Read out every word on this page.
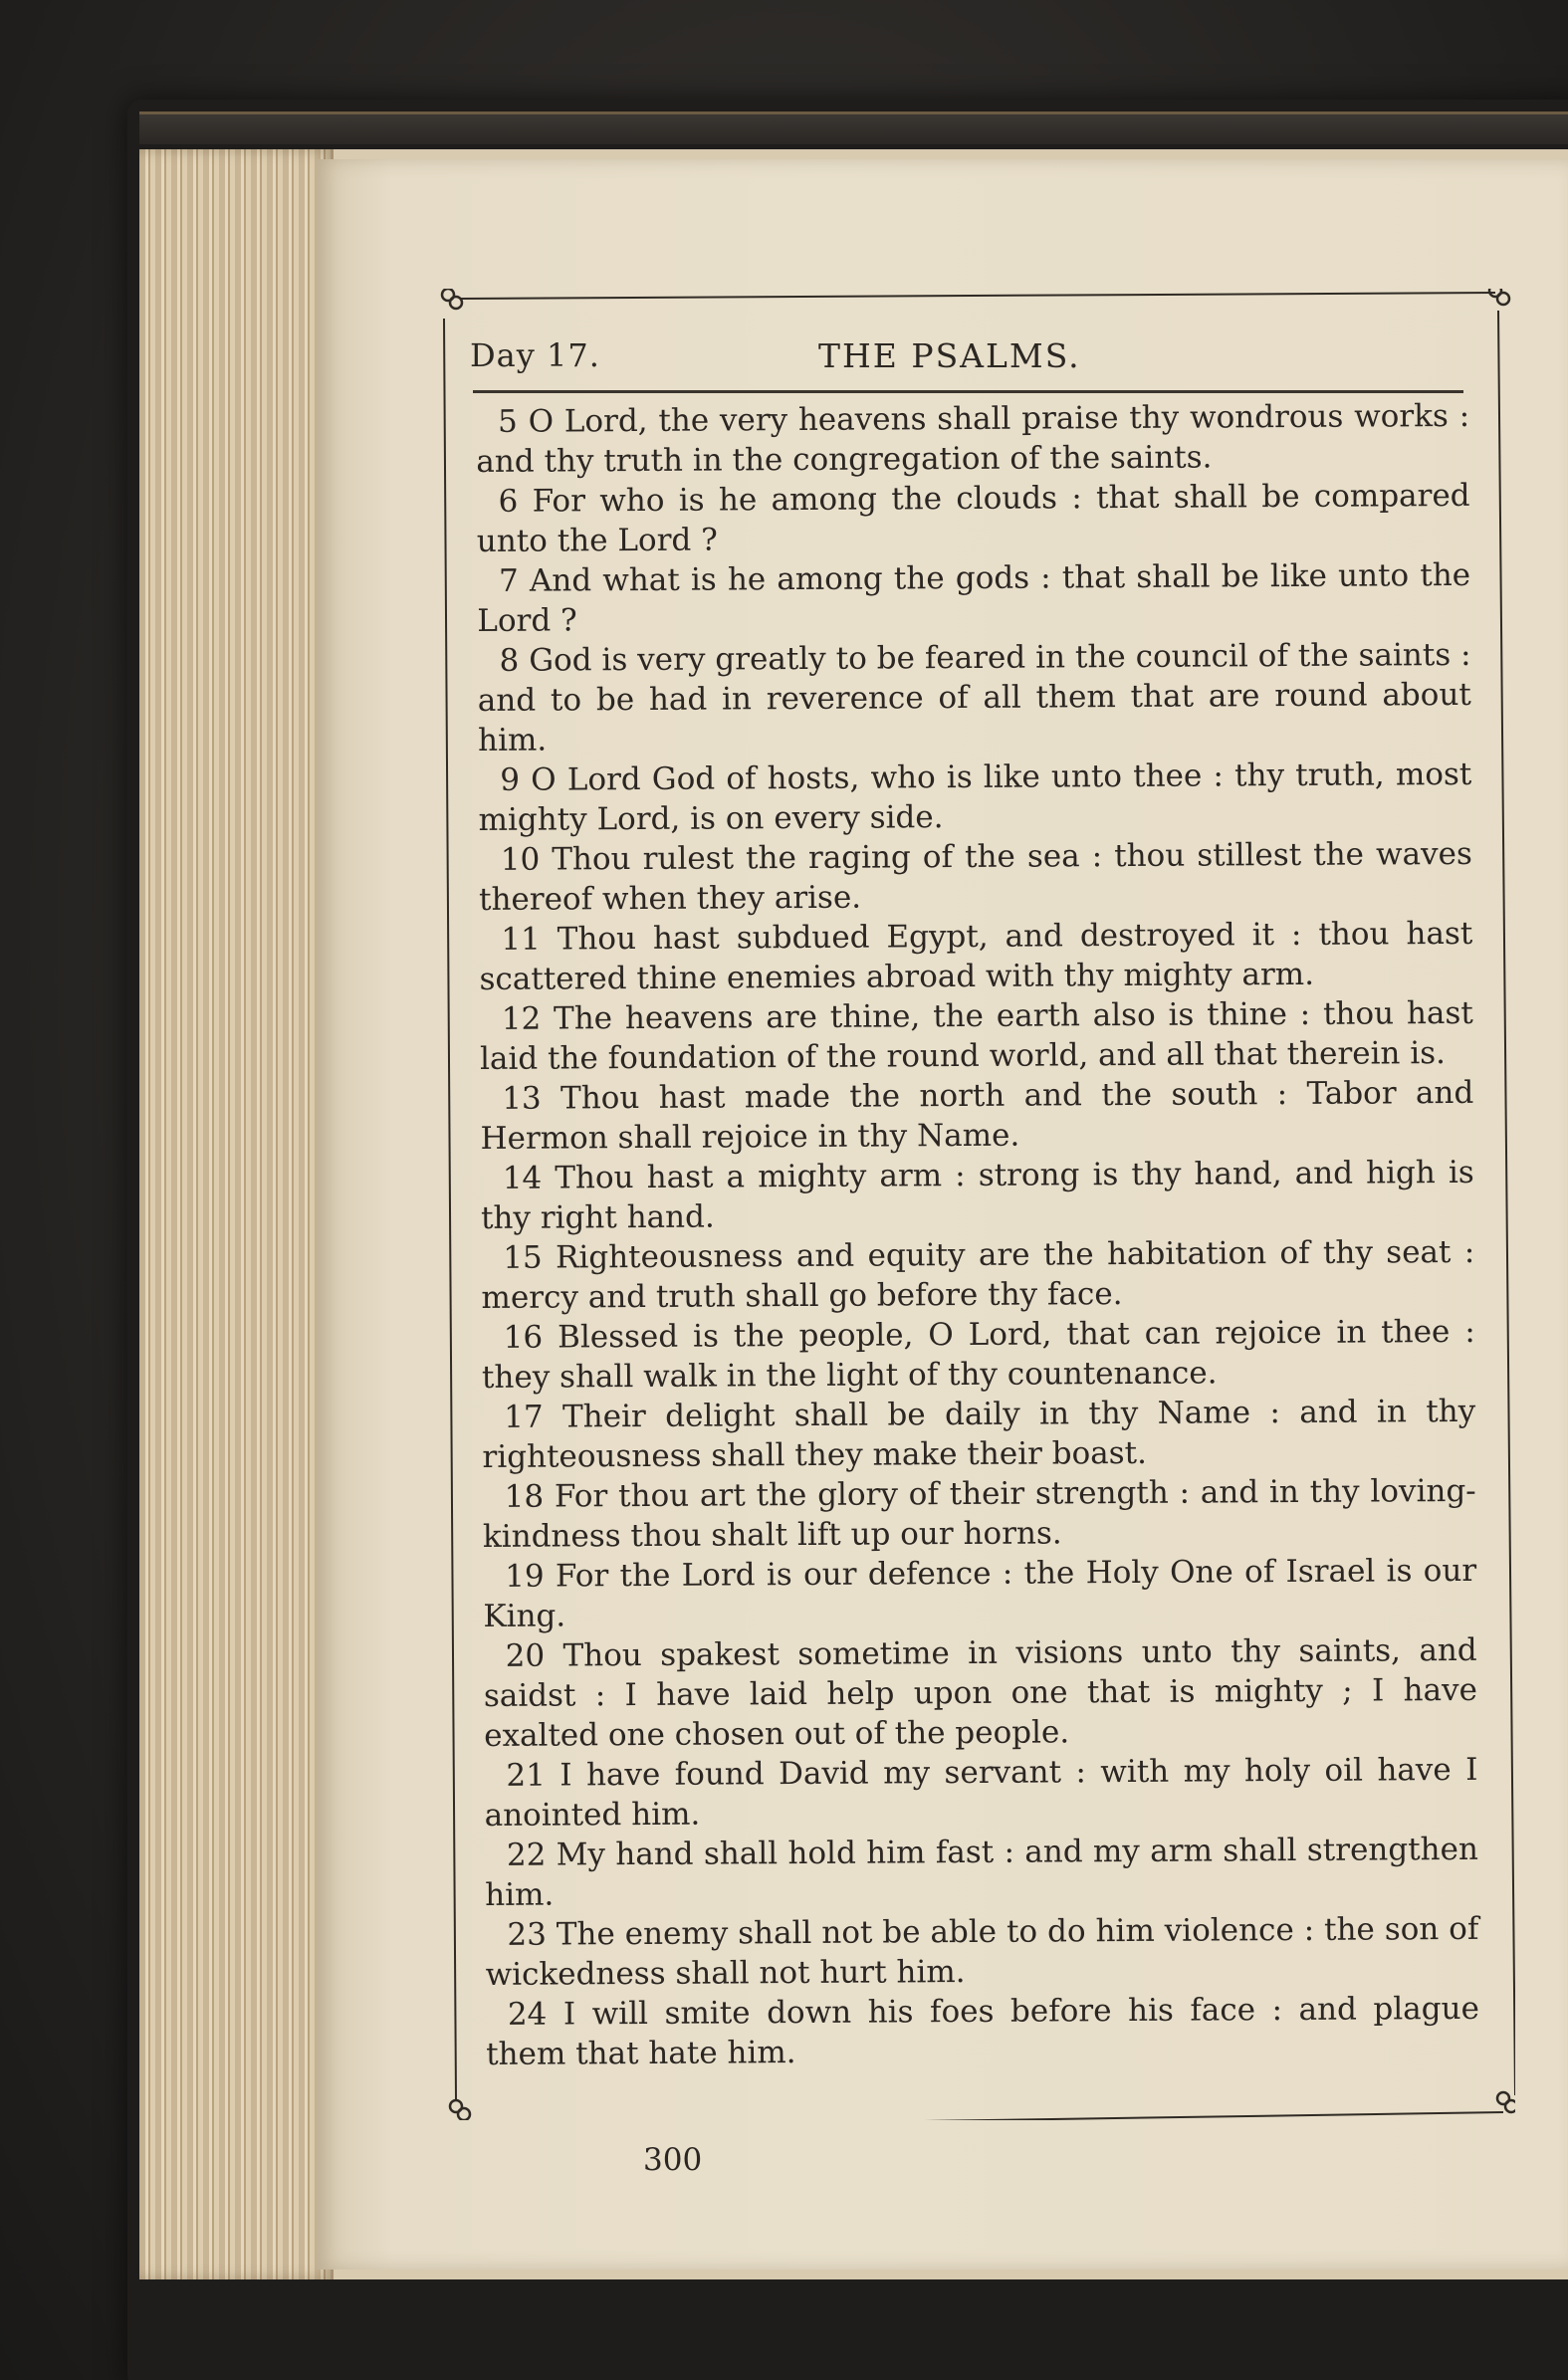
Day 17.	THE PSALMS.

5 O Lord, the very heavens shall praise thy wondrous works : and thy truth in the congregation of the saints.

6 For who is he among the clouds : that shall be compared unto the Lord ?

7 And what is he among the gods : that shall be like unto the Lord ?

8 God is very greatly to be feared in the council of the saints : and to be had in reverence of all them that are round about him.

9 O Lord God of hosts, who is like unto thee : thy truth, most mighty Lord, is on every side.

10 Thou rulest the raging of the sea : thou stillest the waves thereof when they arise.

11 Thou hast subdued Egypt, and destroyed it : thou hast scattered thine enemies abroad with thy mighty arm.

12 The heavens are thine, the earth also is thine : thou hast laid the foundation of the round world, and all that therein is.

13 Thou hast made the north and the south : Tabor and Hermon shall rejoice in thy Name.

14 Thou hast a mighty arm : strong is thy hand, and high is thy right hand.

15 Righteousness and equity are the habitation of thy seat : mercy and truth shall go before thy face.

16 Blessed is the people, O Lord, that can rejoice in thee : they shall walk in the light of thy countenance.

17 Their delight shall be daily in thy Name : and in thy righteousness shall they make their boast.

18 For thou art the glory of their strength : and in thy loving-kindness thou shalt lift up our horns.

19 For the Lord is our defence : the Holy One of Israel is our King.

20 Thou spakest sometime in visions unto thy saints, and saidst : I have laid help upon one that is mighty ; I have exalted one chosen out of the people.

21 I have found David my servant : with my holy oil have I anointed him.

22 My hand shall hold him fast : and my arm shall strengthen him.

23 The enemy shall not be able to do him violence : the son of wickedness shall not hurt him.

24 I will smite down his foes before his face : and plague them that hate him.

300
